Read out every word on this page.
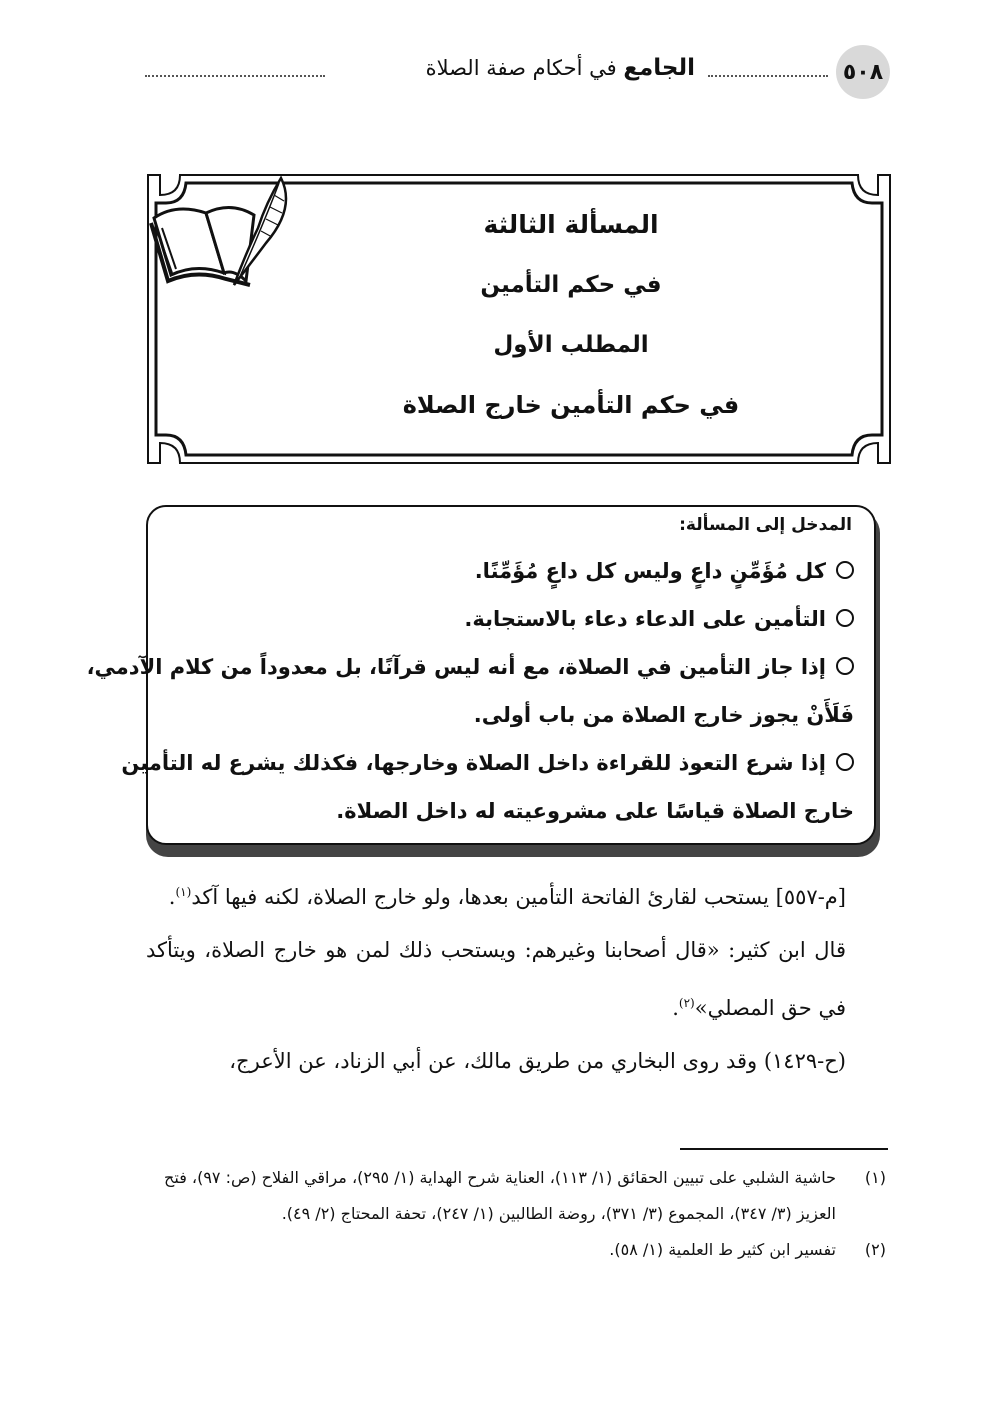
٥٠٨
الجامع في أحكام صفة الصلاة
المسألة الثالثة
في حكم التأمين
المطلب الأول
في حكم التأمين خارج الصلاة
المدخل إلى المسألة:
كل مُؤَمِّنٍ داعٍ وليس كل داعٍ مُؤَمِّنًا.
التأمين على الدعاء دعاء بالاستجابة.
إذا جاز التأمين في الصلاة، مع أنه ليس قرآنًا، بل معدوداً من كلام الآدمي،
فَلَأَنْ يجوز خارج الصلاة من باب أولى.
إذا شرع التعوذ للقراءة داخل الصلاة وخارجها، فكذلك يشرع له التأمين
خارج الصلاة قياسًا على مشروعيته له داخل الصلاة.

[م-٥٥٧] يستحب لقارئ الفاتحة التأمين بعدها، ولو خارج الصلاة، لكنه فيها آكد$^{(١)}$.

قال ابن كثير: «قال أصحابنا وغيرهم: ويستحب ذلك لمن هو خارج الصلاة، ويتأكد في حق المصلي»$^{(٢)}$.

(ح-١٤٢٩) وقد روى البخاري من طريق مالك، عن أبي الزناد، عن الأعرج،

(١)
حاشية الشلبي على تبيين الحقائق (١/ ١١٣)، العناية شرح الهداية (١/ ٢٩٥)، مراقي الفلاح (ص: ٩٧)، فتح العزيز (٣/ ٣٤٧)، المجموع (٣/ ٣٧١)، روضة الطالبين (١/ ٢٤٧)، تحفة المحتاج (٢/ ٤٩).
(٢)
تفسير ابن كثير ط العلمية (١/ ٥٨).
